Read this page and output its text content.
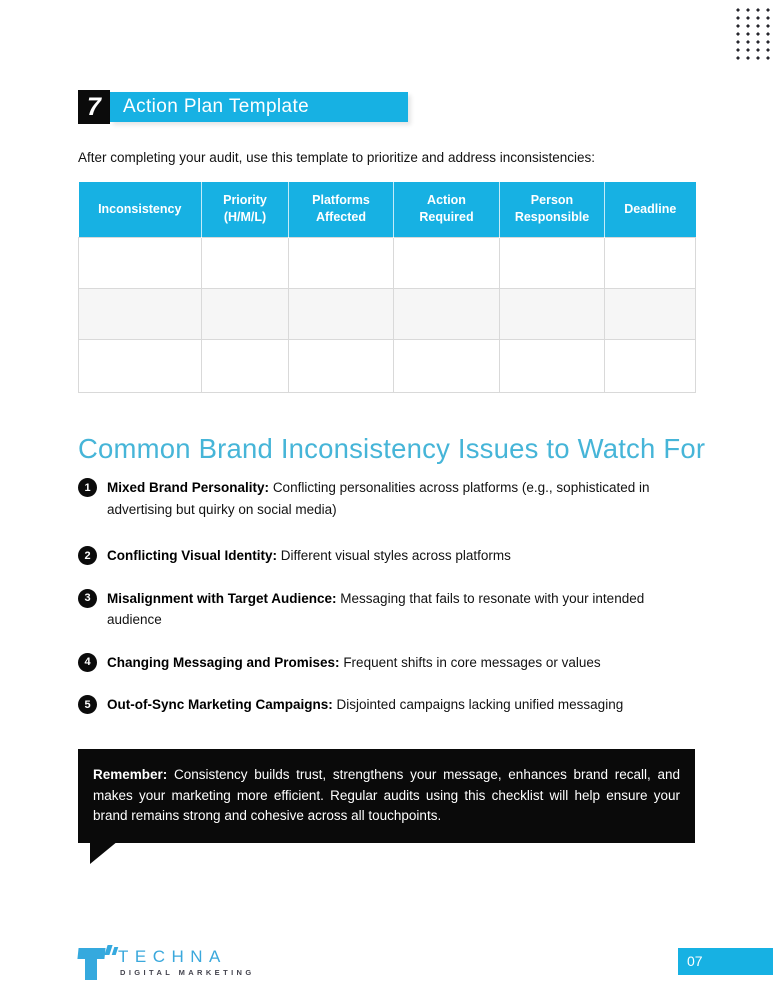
7	Action Plan Template

After completing your audit, use this template to prioritize and address inconsistencies:

Inconsistency	Priority (H/M/L)	Platforms Affected	Action Required	Person Responsible	Deadline

Common Brand Inconsistency Issues to Watch For
1	Mixed Brand Personality: Conflicting personalities across platforms (e.g., sophisticated in advertising but quirky on social media)
2	Conflicting Visual Identity: Different visual styles across platforms
3	Misalignment with Target Audience: Messaging that fails to resonate with your intended audience
4	Changing Messaging and Promises: Frequent shifts in core messages or values
5	Out-of-Sync Marketing Campaigns: Disjointed campaigns lacking unified messaging
Remember: Consistency builds trust, strengthens your message, enhances brand recall, and makes your marketing more efficient. Regular audits using this checklist will help ensure your brand remains strong and cohesive across all touchpoints.
TECHNA
DIGITAL MARKETING
07
